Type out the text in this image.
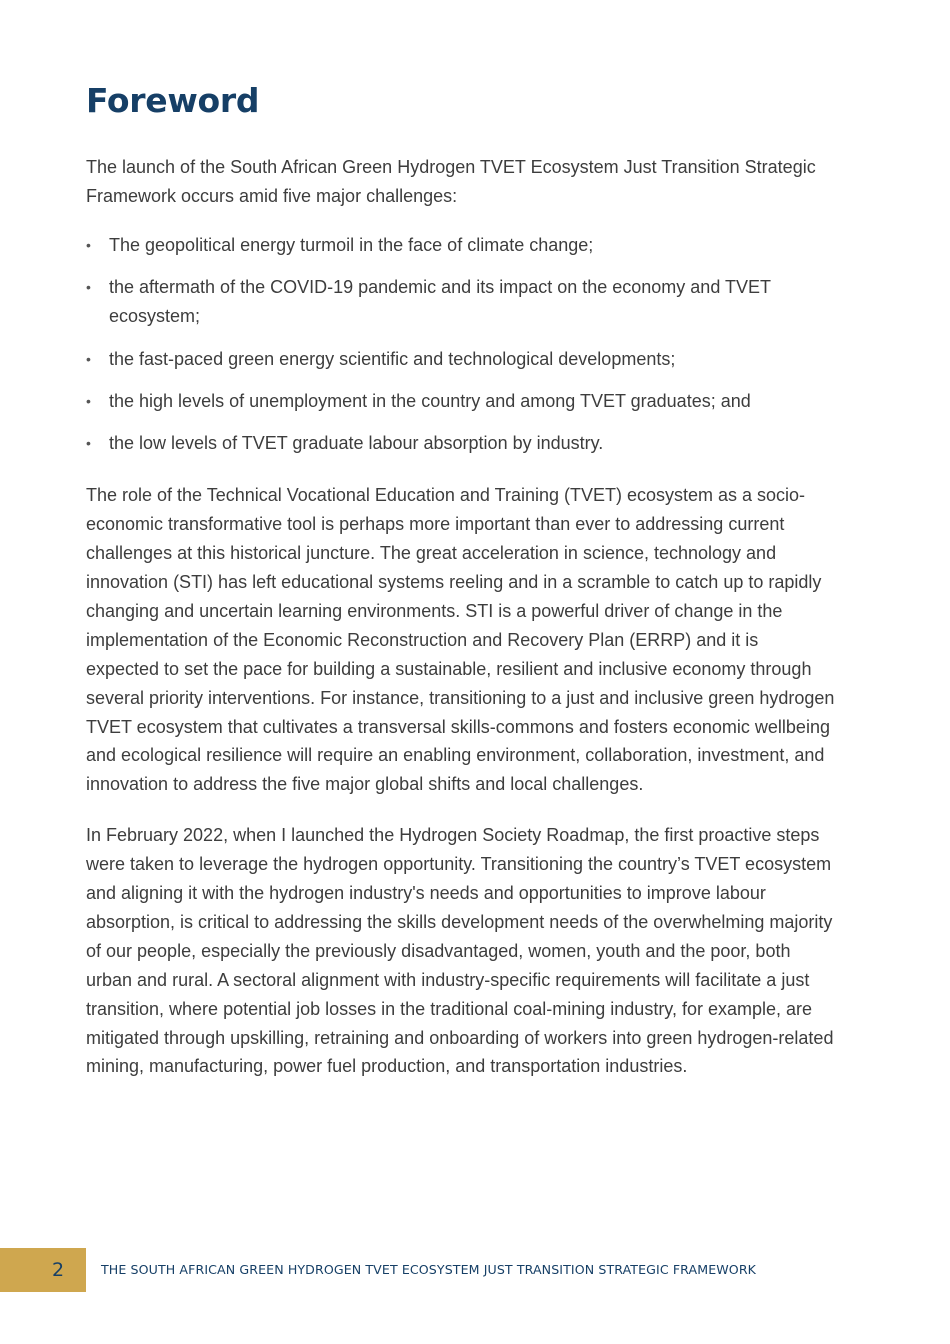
Foreword

The launch of the South African Green Hydrogen TVET Ecosystem Just Transition Strategic Framework occurs amid five major challenges:

• The geopolitical energy turmoil in the face of climate change;
• the aftermath of the COVID-19 pandemic and its impact on the economy and TVET ecosystem;
• the fast-paced green energy scientific and technological developments;
• the high levels of unemployment in the country and among TVET graduates; and
• the low levels of TVET graduate labour absorption by industry.

The role of the Technical Vocational Education and Training (TVET) ecosystem as a socio-economic transformative tool is perhaps more important than ever to addressing current challenges at this historical juncture. The great acceleration in science, technology and innovation (STI) has left educational systems reeling and in a scramble to catch up to rapidly changing and uncertain learning environments. STI is a powerful driver of change in the implementation of the Economic Reconstruction and Recovery Plan (ERRP) and it is expected to set the pace for building a sustainable, resilient and inclusive economy through several priority interventions. For instance, transitioning to a just and inclusive green hydrogen TVET ecosystem that cultivates a transversal skills-commons and fosters economic wellbeing and ecological resilience will require an enabling environment, collaboration, investment, and innovation to address the five major global shifts and local challenges.

In February 2022, when I launched the Hydrogen Society Roadmap, the first proactive steps were taken to leverage the hydrogen opportunity. Transitioning the country’s TVET ecosystem and aligning it with the hydrogen industry's needs and opportunities to improve labour absorption, is critical to addressing the skills development needs of the overwhelming majority of our people, especially the previously disadvantaged, women, youth and the poor, both urban and rural. A sectoral alignment with industry-specific requirements will facilitate a just transition, where potential job losses in the traditional coal-mining industry, for example, are mitigated through upskilling, retraining and onboarding of workers into green hydrogen-related mining, manufacturing, power fuel production, and transportation industries.

2	THE SOUTH AFRICAN GREEN HYDROGEN TVET ECOSYSTEM JUST TRANSITION STRATEGIC FRAMEWORK
